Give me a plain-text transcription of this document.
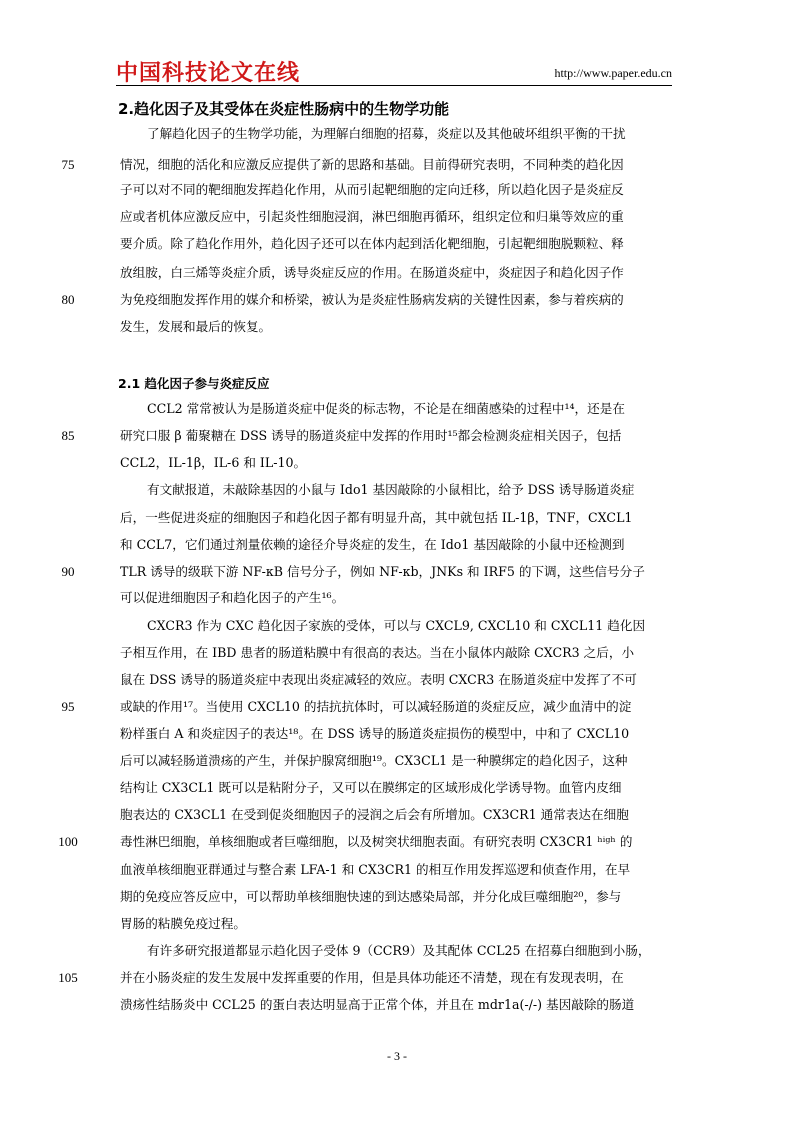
中国科技论文在线	http://www.paper.edu.cn
2.趋化因子及其受体在炎症性肠病中的生物学功能
了解趋化因子的生物学功能，为理解白细胞的招募，炎症以及其他破坏组织平衡的干扰
情况，细胞的活化和应激反应提供了新的思路和基础。目前得研究表明，不同种类的趋化因
子可以对不同的靶细胞发挥趋化作用，从而引起靶细胞的定向迁移，所以趋化因子是炎症反
应或者机体应激反应中，引起炎性细胞浸润，淋巴细胞再循环，组织定位和归巢等效应的重
要介质。除了趋化作用外，趋化因子还可以在体内起到活化靶细胞，引起靶细胞脱颗粒、释
放组胺，白三烯等炎症介质，诱导炎症反应的作用。在肠道炎症中，炎症因子和趋化因子作
为免疫细胞发挥作用的媒介和桥梁，被认为是炎症性肠病发病的关键性因素，参与着疾病的
发生，发展和最后的恢复。
2.1 趋化因子参与炎症反应
CCL2 常常被认为是肠道炎症中促炎的标志物，不论是在细菌感染的过程中¹⁴，还是在
研究口服 β 葡聚糖在 DSS 诱导的肠道炎症中发挥的作用时¹⁵都会检测炎症相关因子，包括
CCL2，IL-1β，IL-6 和 IL-10。
有文献报道，未敲除基因的小鼠与 Ido1 基因敲除的小鼠相比，给予 DSS 诱导肠道炎症
后，一些促进炎症的细胞因子和趋化因子都有明显升高，其中就包括 IL-1β，TNF，CXCL1
和 CCL7，它们通过剂量依赖的途径介导炎症的发生，在 Ido1 基因敲除的小鼠中还检测到
TLR 诱导的级联下游 NF-κB 信号分子，例如 NF-κb，JNKs 和 IRF5 的下调，这些信号分子
可以促进细胞因子和趋化因子的产生¹⁶。
CXCR3 作为 CXC 趋化因子家族的受体，可以与 CXCL9, CXCL10 和 CXCL11 趋化因
子相互作用，在 IBD 患者的肠道粘膜中有很高的表达。当在小鼠体内敲除 CXCR3 之后，小
鼠在 DSS 诱导的肠道炎症中表现出炎症减轻的效应。表明 CXCR3 在肠道炎症中发挥了不可
或缺的作用¹⁷。当使用 CXCL10 的拮抗抗体时，可以减轻肠道的炎症反应，减少血清中的淀
粉样蛋白 A 和炎症因子的表达¹⁸。在 DSS 诱导的肠道炎症损伤的模型中，中和了 CXCL10
后可以减轻肠道溃疡的产生，并保护腺窝细胞¹⁹。CX3CL1 是一种膜绑定的趋化因子，这种
结构让 CX3CL1 既可以是粘附分子，又可以在膜绑定的区域形成化学诱导物。血管内皮细
胞表达的 CX3CL1 在受到促炎细胞因子的浸润之后会有所增加。CX3CR1 通常表达在细胞
毒性淋巴细胞，单核细胞或者巨噬细胞，以及树突状细胞表面。有研究表明 CX3CR1 ʰⁱᵍʰ 的
血液单核细胞亚群通过与整合素 LFA-1 和 CX3CR1 的相互作用发挥巡逻和侦查作用，在早
期的免疫应答反应中，可以帮助单核细胞快速的到达感染局部，并分化成巨噬细胞²⁰，参与
胃肠的粘膜免疫过程。
有许多研究报道都显示趋化因子受体 9（CCR9）及其配体 CCL25 在招募白细胞到小肠，
并在小肠炎症的发生发展中发挥重要的作用，但是具体功能还不清楚，现在有发现表明，在
溃疡性结肠炎中 CCL25 的蛋白表达明显高于正常个体，并且在 mdr1a(-/-) 基因敲除的肠道
75
80
85
90
95
100
105
- 3 -
